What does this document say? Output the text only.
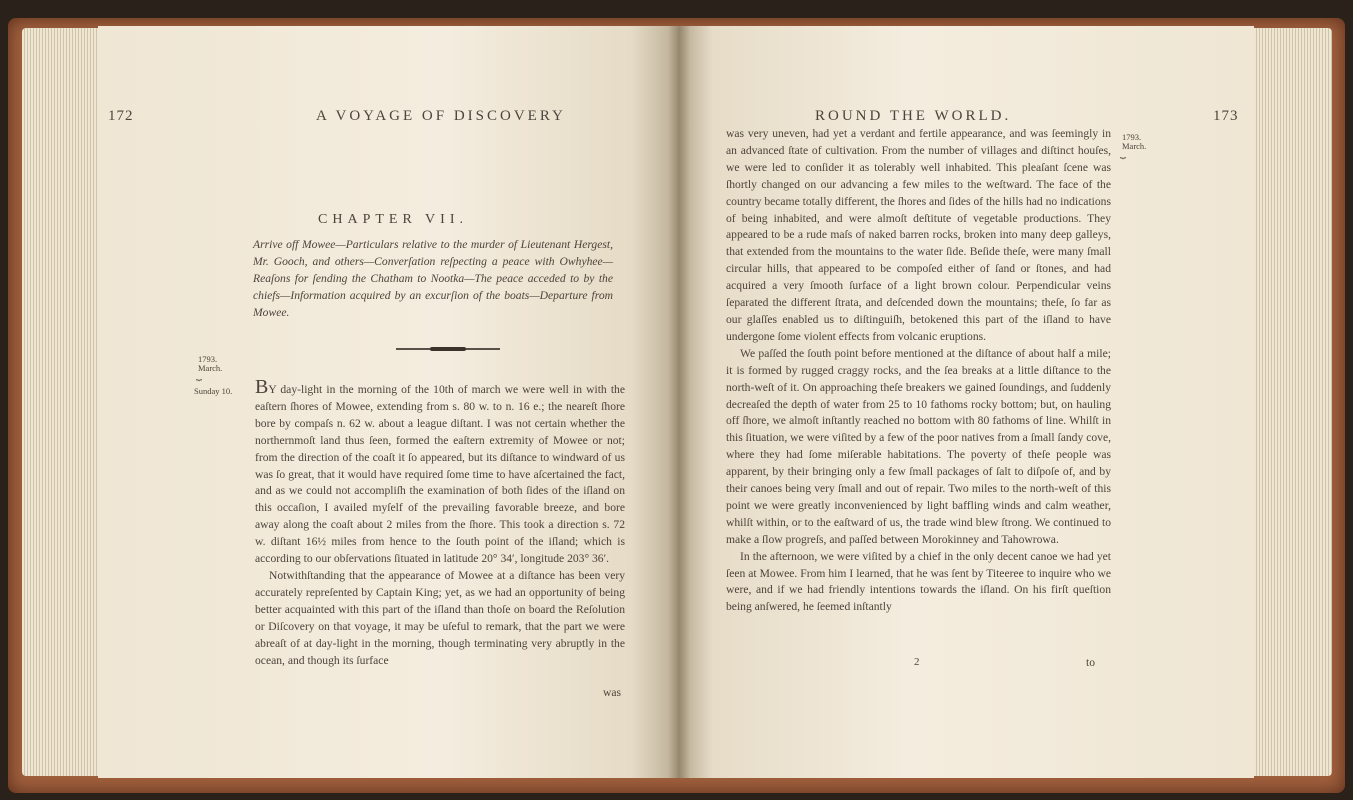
172	A VOYAGE OF DISCOVERY
CHAPTER VII.
Arrive off Mowee—Particulars relative to the murder of Lieutenant Hergest, Mr. Gooch, and others—Converſation reſpecting a peace with Owhyhee—Reaſons for ſending the Chatham to Nootka—The peace acceded to by the chiefs—Information acquired by an excurſion of the boats—Departure from Mowee.
1793.
March.
⏟
Sunday 10. BY day-light in the morning of the 10th of march we were well in with the eaſtern ſhores of Mowee, extending from s. 80 w. to n. 16 e.; the neareſt ſhore bore by compaſs n. 62 w. about a league diſtant. I was not certain whether the northernmoſt land thus ſeen, formed the eaſtern extremity of Mowee or not; from the direction of the coaſt it ſo appeared, but its diſtance to windward of us was ſo great, that it would have required ſome time to have aſcertained the fact, and as we could not accompliſh the examination of both ſides of the iſland on this occaſion, I availed myſelf of the prevailing favorable breeze, and bore away along the coaſt about 2 miles from the ſhore. This took a direction s. 72 w. diſtant 16½ miles from hence to the ſouth point of the iſland; which is according to our obſervations ſituated in latitude 20° 34′, longitude 203° 36′.

Notwithſtanding that the appearance of Mowee at a diſtance has been very accurately repreſented by Captain King; yet, as we had an opportunity of being better acquainted with this part of the iſland than thoſe on board the Reſolution or Diſcovery on that voyage, it may be uſeful to remark, that the part we were abreaſt of at day-light in the morning, though terminating very abruptly in the ocean, and though its ſurface

was
ROUND THE WORLD.	173
1793.
March.
⏟

was very uneven, had yet a verdant and fertile appearance, and was ſeemingly in an advanced ſtate of cultivation. From the number of villages and diſtinct houſes, we were led to conſider it as tolerably well inhabited. This pleaſant ſcene was ſhortly changed on our advancing a few miles to the weſtward. The face of the country became totally different, the ſhores and ſides of the hills had no indications of being inhabited, and were almoſt deſtitute of vegetable productions. They appeared to be a rude maſs of naked barren rocks, broken into many deep galleys, that extended from the mountains to the water ſide. Beſide theſe, were many ſmall circular hills, that appeared to be compoſed either of ſand or ſtones, and had acquired a very ſmooth ſurface of a light brown colour. Perpendicular veins ſeparated the different ſtrata, and deſcended down the mountains; theſe, ſo far as our glaſſes enabled us to diſtinguiſh, betokened this part of the iſland to have undergone ſome violent effects from volcanic eruptions.

We paſſed the ſouth point before mentioned at the diſtance of about half a mile; it is formed by rugged craggy rocks, and the ſea breaks at a little diſtance to the north-weſt of it. On approaching theſe breakers we gained ſoundings, and ſuddenly decreaſed the depth of water from 25 to 10 fathoms rocky bottom; but, on hauling off ſhore, we almoſt inſtantly reached no bottom with 80 fathoms of line. Whilſt in this ſituation, we were viſited by a few of the poor natives from a ſmall ſandy cove, where they had ſome miſerable habitations. The poverty of theſe people was apparent, by their bringing only a few ſmall packages of ſalt to diſpoſe of, and by their canoes being very ſmall and out of repair. Two miles to the north-weſt of this point we were greatly inconvenienced by light baffling winds and calm weather, whilſt within, or to the eaſtward of us, the trade wind blew ſtrong. We continued to make a ſlow progreſs, and paſſed between Morokinney and Tahowrowa.

In the afternoon, we were viſited by a chief in the only decent canoe we had yet ſeen at Mowee. From him I learned, that he was ſent by Titeeree to inquire who we were, and if we had friendly intentions towards the iſland. On his firſt queſtion being anſwered, he ſeemed inſtantly

2	to
